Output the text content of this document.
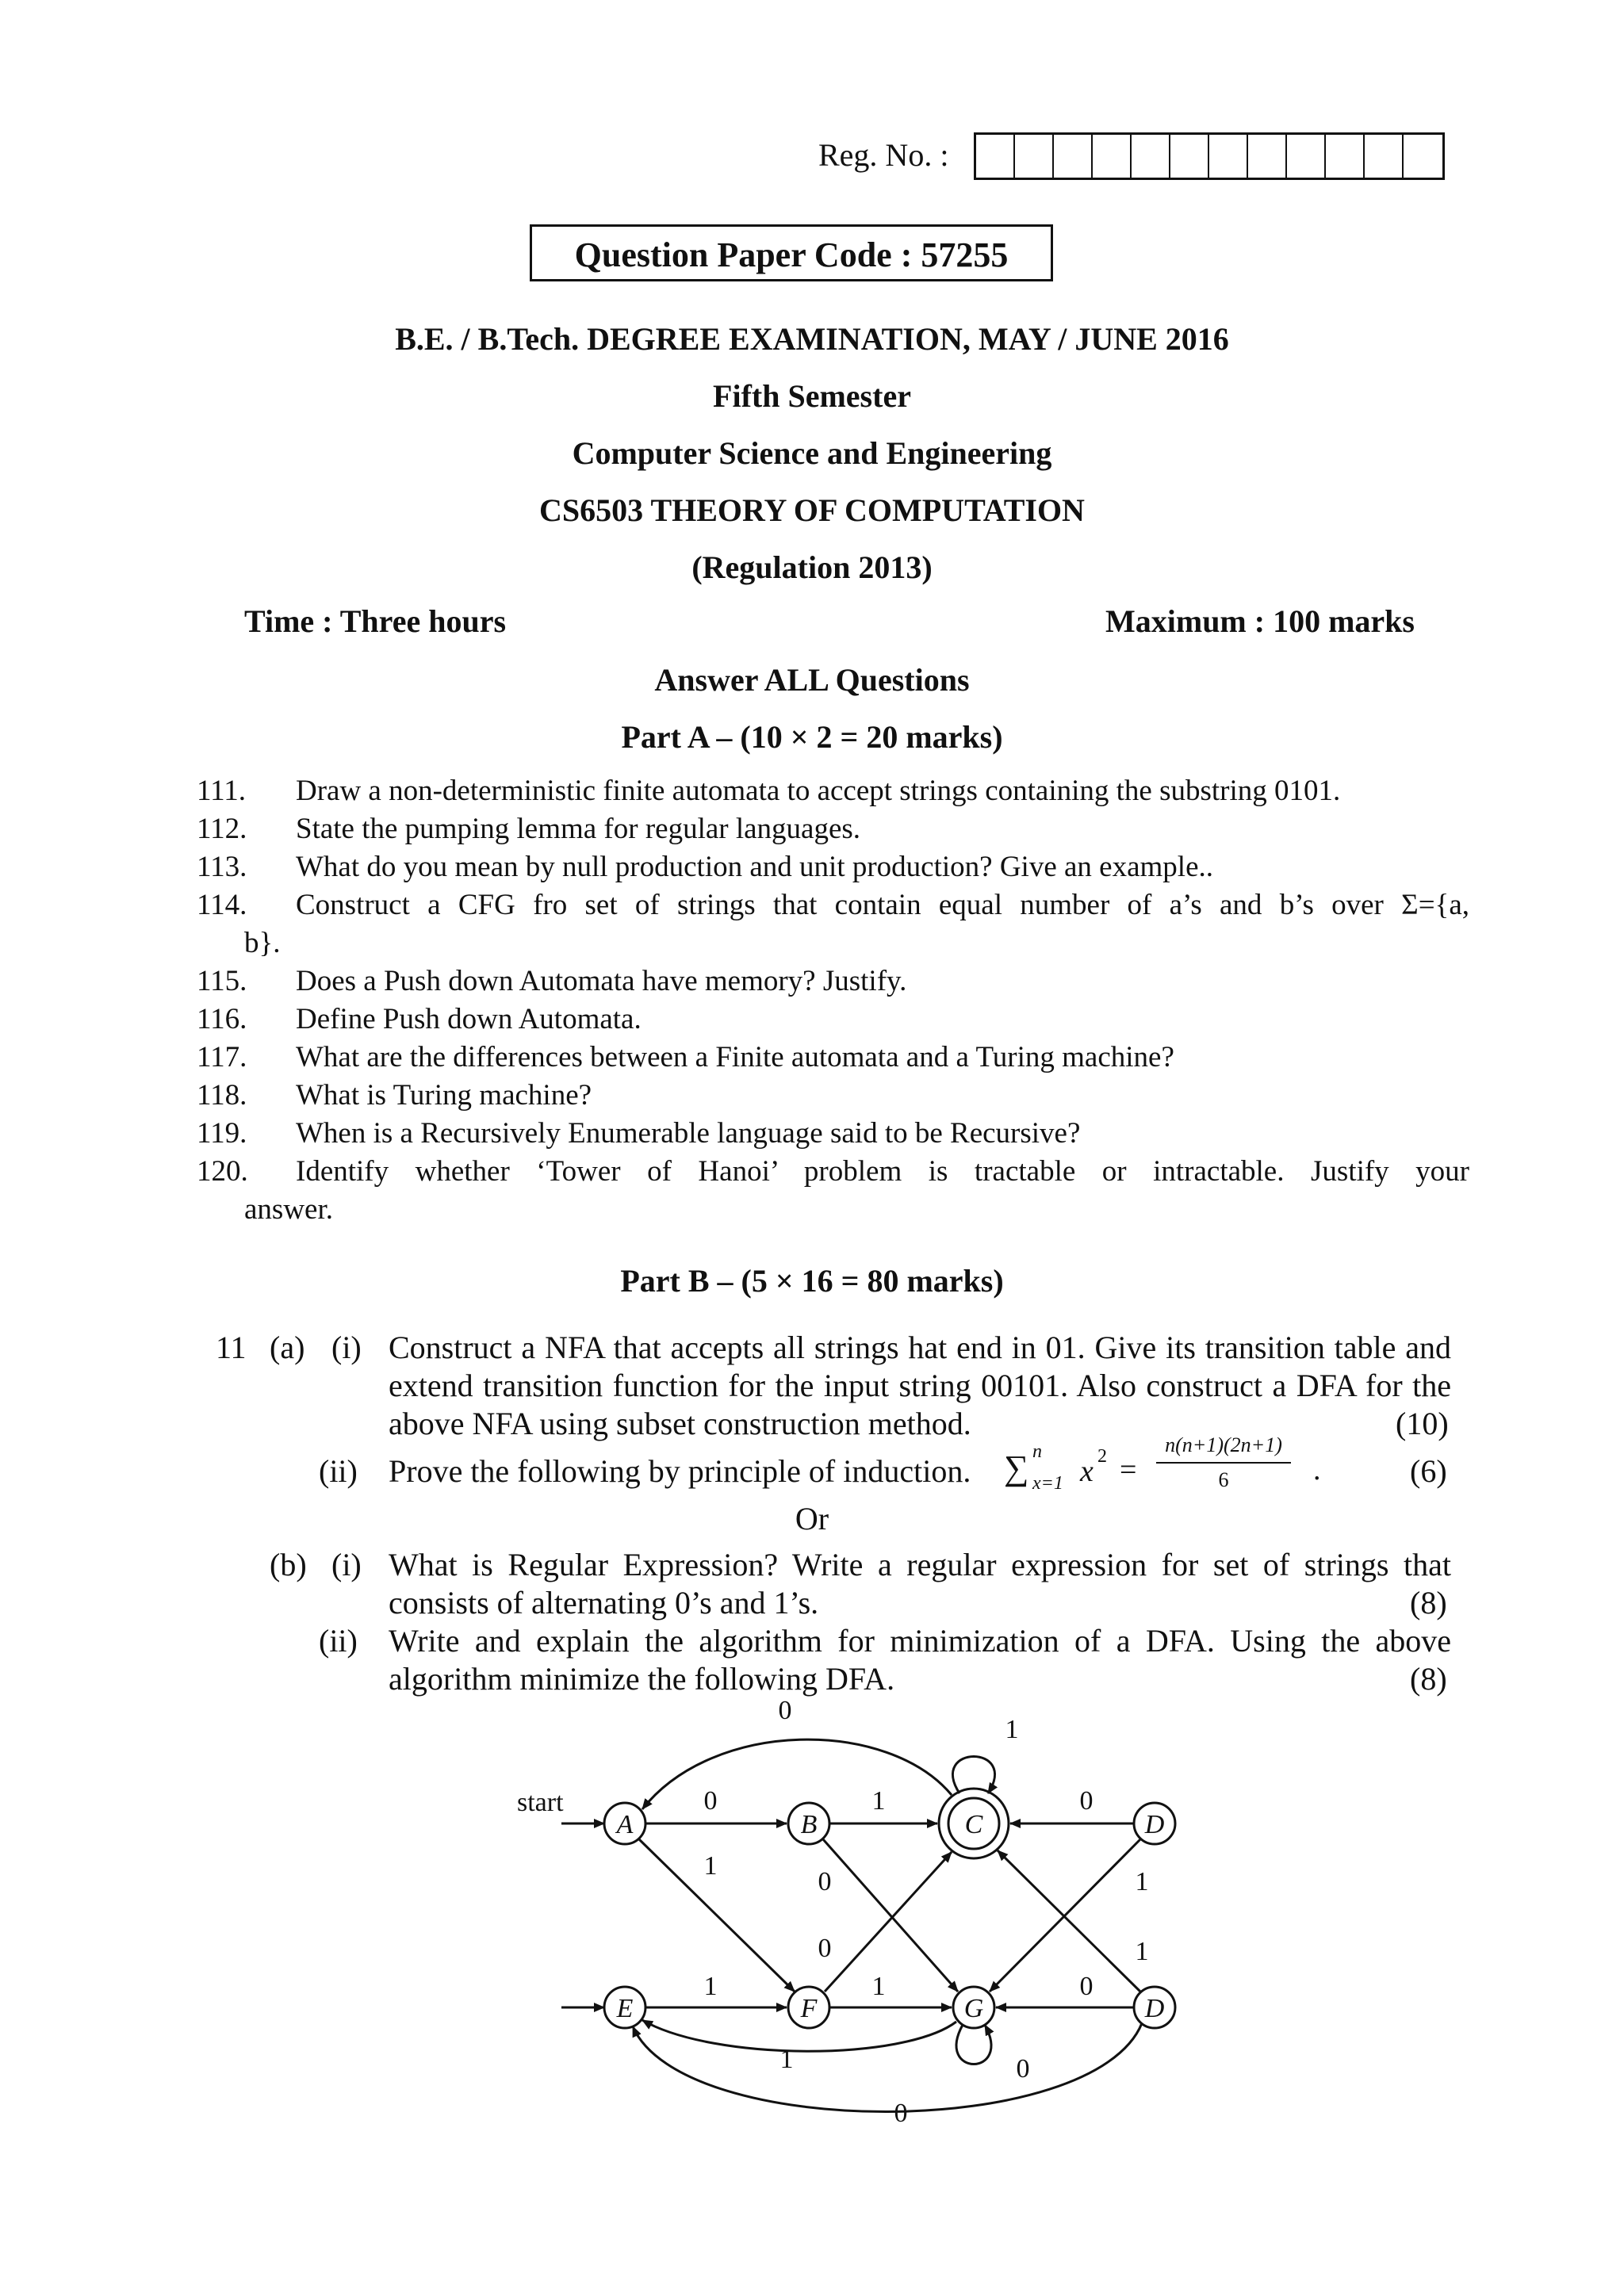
Reg. No. :
Question Paper Code : 57255
B.E. / B.Tech. DEGREE EXAMINATION, MAY / JUNE 2016
Fifth Semester
Computer Science and Engineering
CS6503 THEORY OF COMPUTATION
(Regulation 2013)
Time : Three hours	Maximum : 100 marks
Answer ALL Questions
Part A – (10 × 2 = 20 marks)
111.	Draw a non-deterministic finite automata to accept strings containing the substring 0101.
112.	State the pumping lemma for regular languages.
113.	What do you mean by null production and unit production? Give an example..
114.	Construct a CFG fro set of strings that contain equal number of a’s and b’s over Σ={a,
b}.
115.	Does a Push down Automata have memory? Justify.
116.	Define Push down Automata.
117.	What are the differences between a Finite automata and a Turing machine?
118.	What is Turing machine?
119.	When is a Recursively Enumerable language said to be Recursive?
120.	Identify whether ‘Tower of Hanoi’ problem is tractable or intractable. Justify your
answer.
Part B – (5 × 16 = 80 marks)
11 (a) (i) Construct a NFA that accepts all strings hat end in 01. Give its transition table and
extend transition function for the input string 00101. Also construct a DFA for the
above NFA using subset construction method.	(10)
(ii) Prove the following by principle of induction. ∑ n
x=1 x 2 =
n(n+1)(2n+1)
6	.	(6)
Or
(b) (i) What is Regular Expression? Write a regular expression for set of strings that
consists of alternating 0’s and 1’s.	(8)
(ii) Write and explain the algorithm for minimization of a DFA. Using the above
algorithm minimize the following DFA.	(8)
start
A	B	C	D
E	F	G	D
0
1
0	1	0
1
0
0
1
1
0
1	1
0
0
1
